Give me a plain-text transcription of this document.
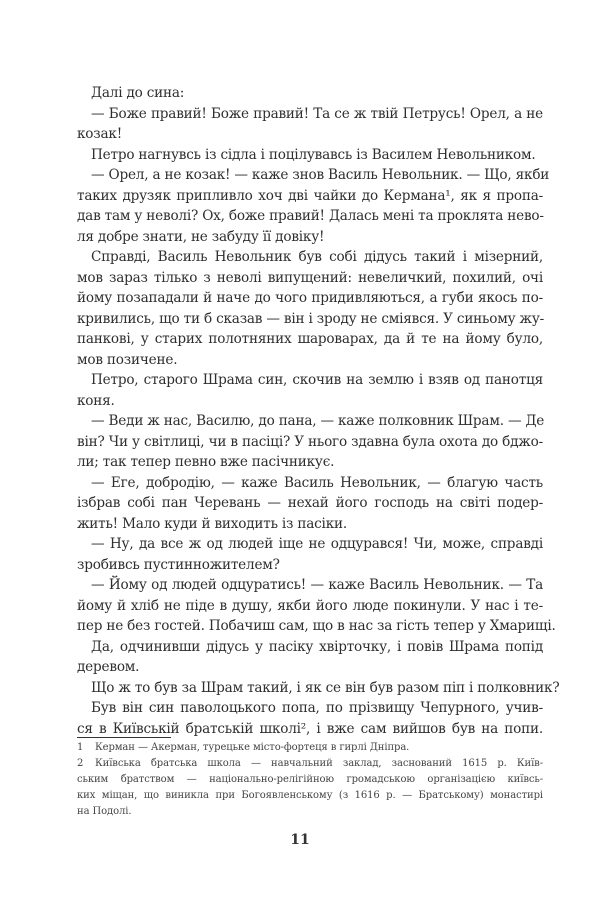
Далі до сина:
— Боже правий! Боже правий! Та се ж твій Петрусь! Орел, а не
козак!
Петро нагнувсь із сідла і поцілувавсь із Василем Невольником.
— Орел, а не козак! — каже знов Василь Невольник. — Що, якби
таких друзяк припливло хоч дві чайки до Кермана¹, як я пропа-
дав там у неволі? Ох, боже правий! Далась мені та проклята нево-
ля добре знати, не забуду її довіку!
Справді, Василь Невольник був собі дідусь такий і мізерний,
мов зараз тілько з неволі випущений: невеличкий, похилий, очі
йому позападали й наче до чого придивляються, а губи якось по-
кривились, що ти б сказав — він і зроду не сміявся. У синьому жу-
панкові, у старих полотняних шароварах, да й те на йому було,
мов позичене.
Петро, старого Шрама син, скочив на землю і взяв од панотця
коня.
— Веди ж нас, Василю, до пана, — каже полковник Шрам. — Де
він? Чи у світлиці, чи в пасіці? У нього здавна була охота до бджо-
ли; так тепер певно вже пасічникує.
— Еге, добродію, — каже Василь Невольник, — благую часть
ізбрав собі пан Черевань — нехай його господь на світі подер-
жить! Мало куди й виходить із пасіки.
— Ну, да все ж од людей іще не одцурався! Чи, може, справді
зробивсь пустинножителем?
— Йому од людей одцуратись! — каже Василь Невольник. — Та
йому й хліб не піде в душу, якби його люде покинули. У нас і те-
пер не без гостей. Побачиш сам, що в нас за гість тепер у Хмарищі.
Да, одчинивши дідусь у пасіку хвірточку, і повів Шрама попід
деревом.
Що ж то був за Шрам такий, і як се він був разом піп і полковник?
Був він син паволоцького попа, по прізвищу Чепурного, учив-
ся в Київській братській школі², і вже сам вийшов був на попи.
1 Керман — Акерман, турецьке місто-фортеця в гирлі Дніпра.
2 Київська братська школа — навчальний заклад, заснований 1615 р. Київ-
ським братством — національно-релігійною громадською організацією київсь-
ких міщан, що виникла при Богоявленському (з 1616 р. — Братському) монастирі
на Подолі.
11
